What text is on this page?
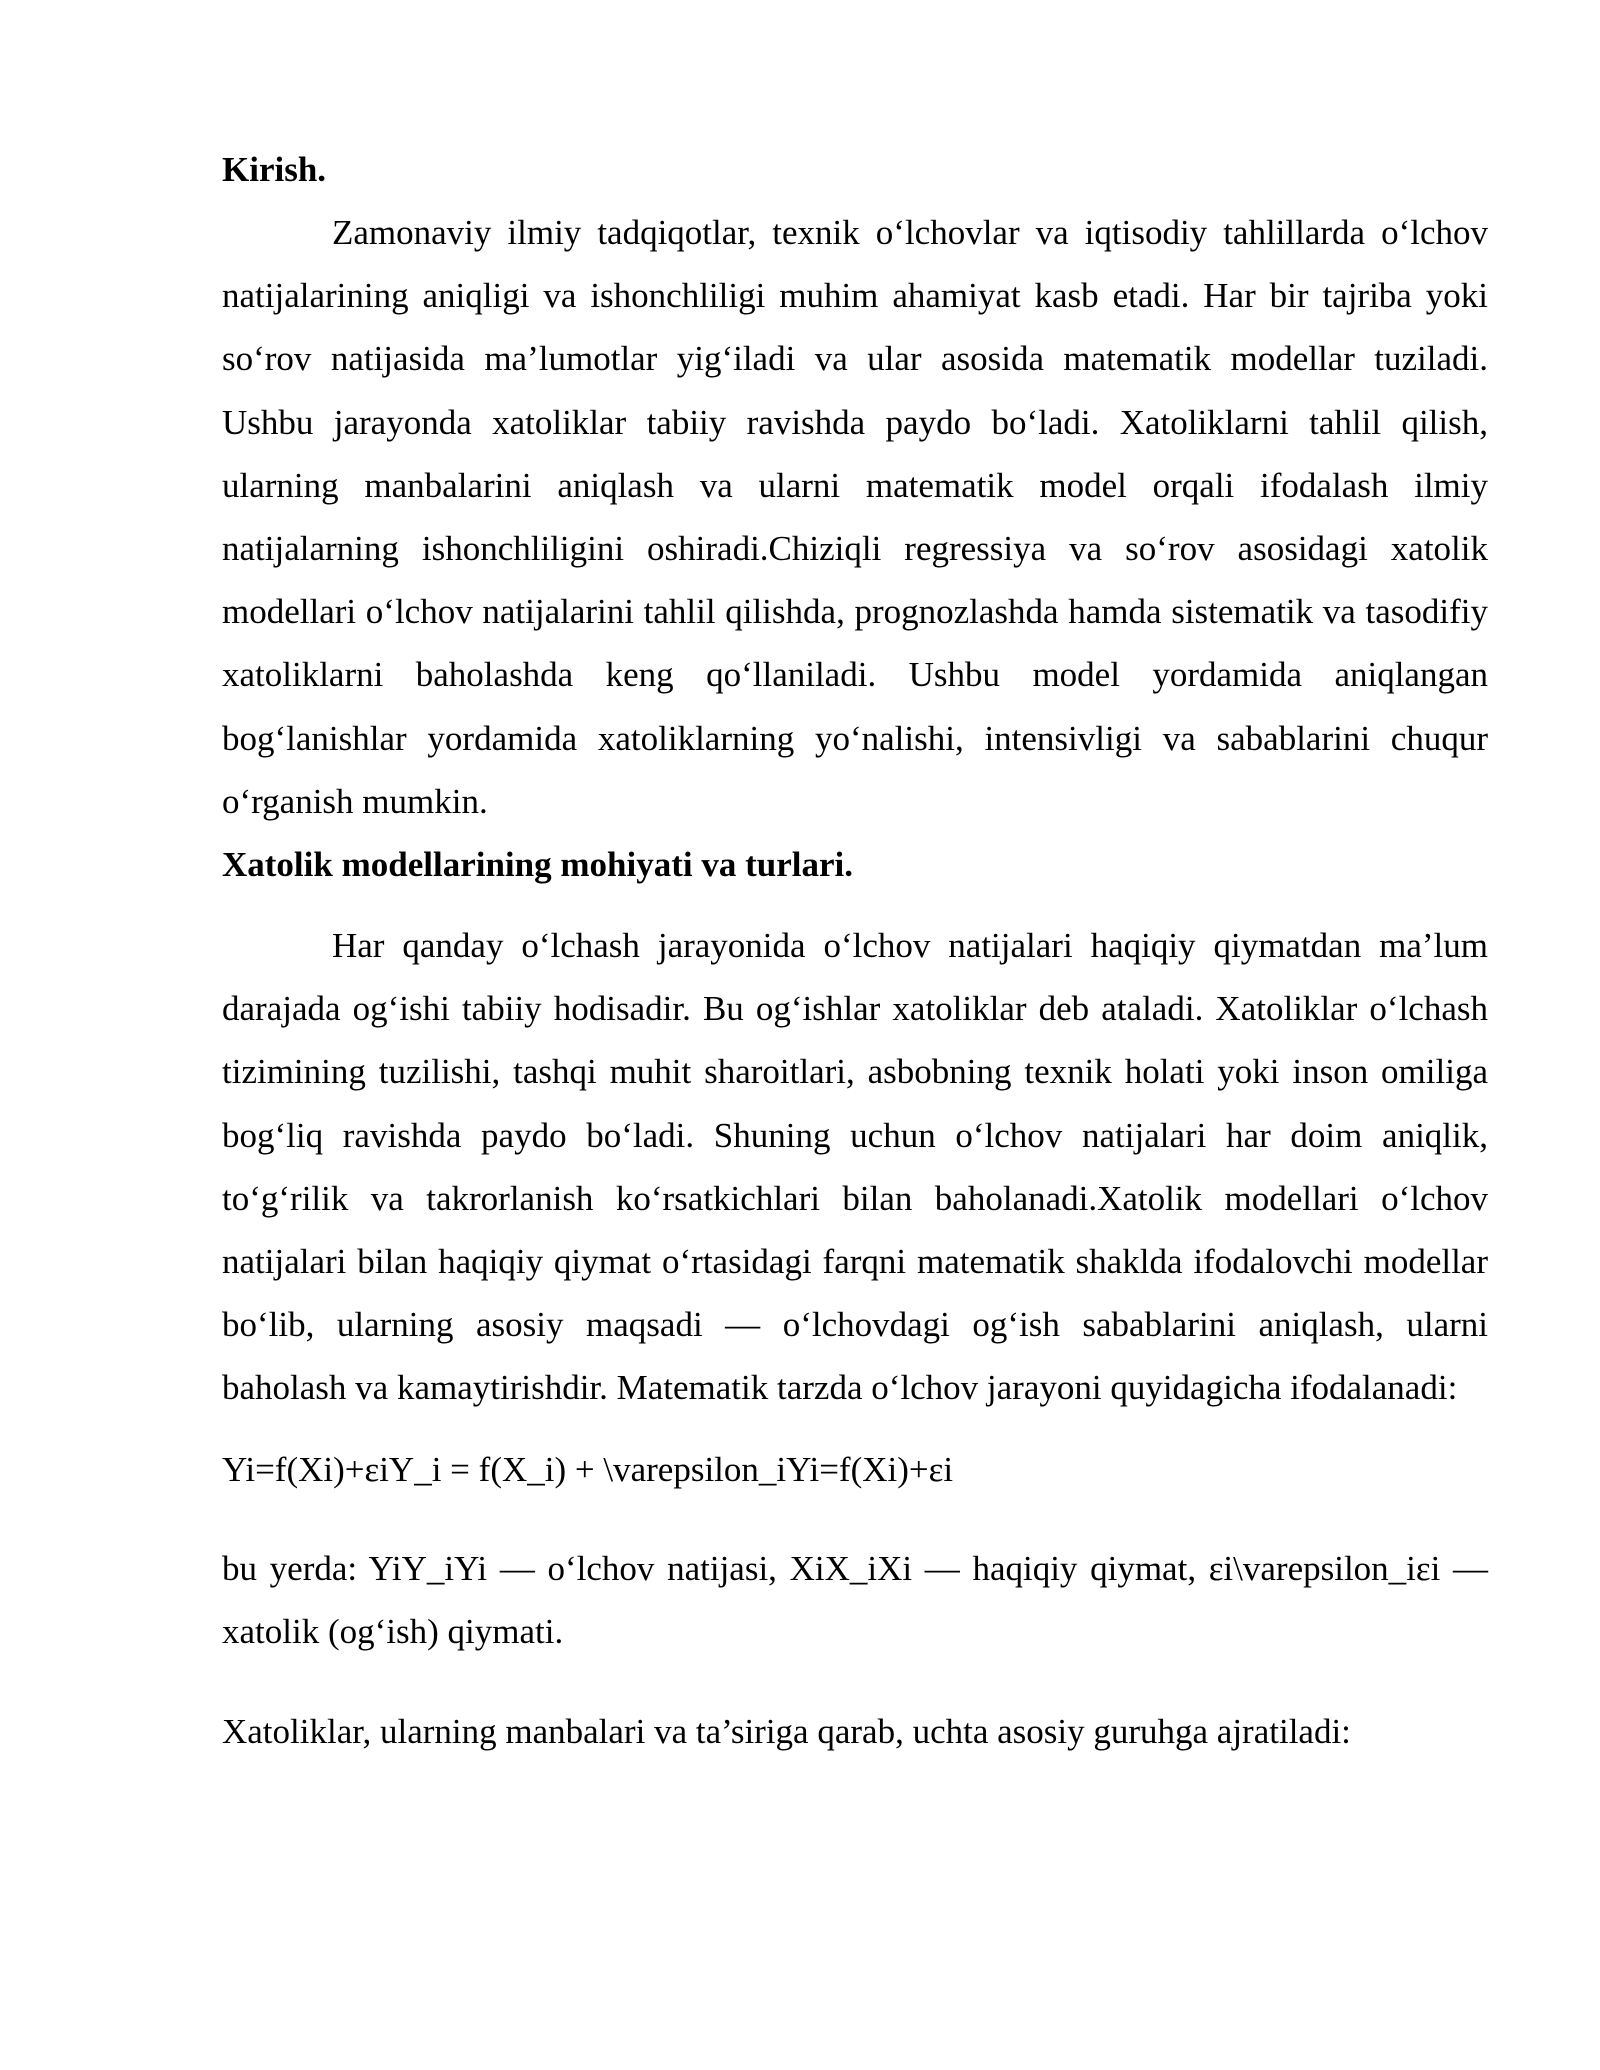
Kirish.

Zamonaviy ilmiy tadqiqotlar, texnik o‘lchovlar va iqtisodiy tahlillarda o‘lchov natijalarining aniqligi va ishonchliligi muhim ahamiyat kasb etadi. Har bir tajriba yoki so‘rov natijasida ma’lumotlar yig‘iladi va ular asosida matematik modellar tuziladi. Ushbu jarayonda xatoliklar tabiiy ravishda paydo bo‘ladi. Xatoliklarni tahlil qilish, ularning manbalarini aniqlash va ularni matematik model orqali ifodalash ilmiy natijalarning ishonchliligini oshiradi.Chiziqli regressiya va so‘rov asosidagi xatolik modellari o‘lchov natijalarini tahlil qilishda, prognozlashda hamda sistematik va tasodifiy xatoliklarni baholashda keng qo‘llaniladi. Ushbu model yordamida aniqlangan bog‘lanishlar yordamida xatoliklarning yo‘nalishi, intensivligi va sabablarini chuqur o‘rganish mumkin.

Xatolik modellarining mohiyati va turlari.

Har qanday o‘lchash jarayonida o‘lchov natijalari haqiqiy qiymatdan ma’lum darajada og‘ishi tabiiy hodisadir. Bu og‘ishlar xatoliklar deb ataladi. Xatoliklar o‘lchash tizimining tuzilishi, tashqi muhit sharoitlari, asbobning texnik holati yoki inson omiliga bog‘liq ravishda paydo bo‘ladi. Shuning uchun o‘lchov natijalari har doim aniqlik, to‘g‘rilik va takrorlanish ko‘rsatkichlari bilan baholanadi.Xatolik modellari o‘lchov natijalari bilan haqiqiy qiymat o‘rtasidagi farqni matematik shaklda ifodalovchi modellar bo‘lib, ularning asosiy maqsadi — o‘lchovdagi og‘ish sabablarini aniqlash, ularni baholash va kamaytirishdir. Matematik tarzda o‘lchov jarayoni quyidagicha ifodalanadi:

Yi=f(Xi)+εiY_i = f(X_i) + \varepsilon_iYi=f(Xi)+εi

bu yerda: YiY_iYi — o‘lchov natijasi, XiX_iXi — haqiqiy qiymat, εi\varepsilon_iεi — xatolik (og‘ish) qiymati.

Xatoliklar, ularning manbalari va ta’siriga qarab, uchta asosiy guruhga ajratiladi:
